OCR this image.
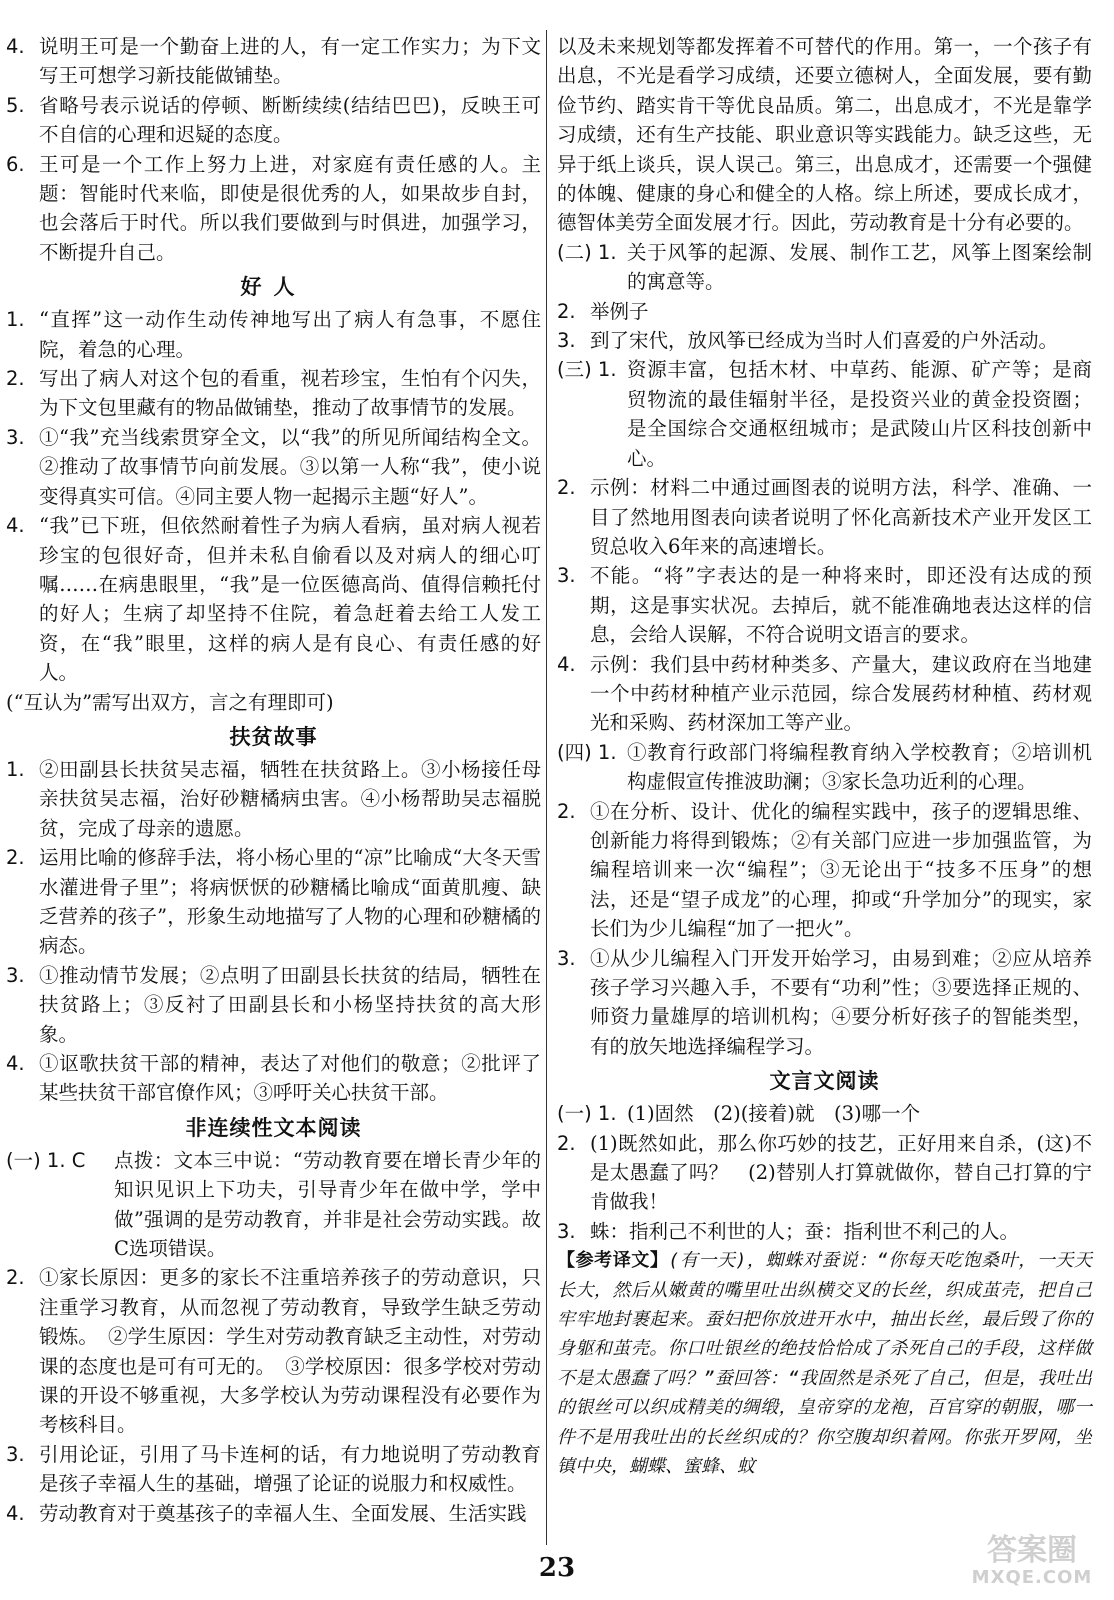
4. 说明王可是一个勤奋上进的人，有一定工作实力；为下文写王可想学习新技能做铺垫。
5. 省略号表示说话的停顿、断断续续(结结巴巴)，反映王可不自信的心理和迟疑的态度。
6. 王可是一个工作上努力上进，对家庭有责任感的人。主题：智能时代来临，即使是很优秀的人，如果故步自封，也会落后于时代。所以我们要做到与时俱进，加强学习，不断提升自己。
好人
1. “直挥”这一动作生动传神地写出了病人有急事，不愿住院，着急的心理。
2. 写出了病人对这个包的看重，视若珍宝，生怕有个闪失，为下文包里藏有的物品做铺垫，推动了故事情节的发展。
3. ①“我”充当线索贯穿全文，以“我”的所见所闻结构全文。②推动了故事情节向前发展。③以第一人称“我”，使小说变得真实可信。④同主要人物一起揭示主题“好人”。
4. “我”已下班，但依然耐着性子为病人看病，虽对病人视若珍宝的包很好奇，但并未私自偷看以及对病人的细心叮嘱……在病患眼里，“我”是一位医德高尚、值得信赖托付的好人；生病了却坚持不住院，着急赶着去给工人发工资，在“我”眼里，这样的病人是有良心、有责任感的好人。
(“互认为”需写出双方，言之有理即可)
扶贫故事
1. ②田副县长扶贫吴志福，牺牲在扶贫路上。③小杨接任母亲扶贫吴志福，治好砂糖橘病虫害。④小杨帮助吴志福脱贫，完成了母亲的遗愿。
2. 运用比喻的修辞手法，将小杨心里的“凉”比喻成“大冬天雪水灌进骨子里”；将病恹恹的砂糖橘比喻成“面黄肌瘦、缺乏营养的孩子”，形象生动地描写了人物的心理和砂糖橘的病态。
3. ①推动情节发展；②点明了田副县长扶贫的结局，牺牲在扶贫路上；③反衬了田副县长和小杨坚持扶贫的高大形象。
4. ①讴歌扶贫干部的精神，表达了对他们的敬意；②批评了某些扶贫干部官僚作风；③呼吁关心扶贫干部。
非连续性文本阅读
(一) 1. C	点拨：文本三中说：“劳动教育要在增长青少年的知识见识上下功夫，引导青少年在做中学，学中做”强调的是劳动教育，并非是社会劳动实践。故C选项错误。
2. ①家长原因：更多的家长不注重培养孩子的劳动意识，只注重学习教育，从而忽视了劳动教育，导致学生缺乏劳动锻炼。　②学生原因：学生对劳动教育缺乏主动性，对劳动课的态度也是可有可无的。　③学校原因：很多学校对劳动课的开设不够重视，大多学校认为劳动课程没有必要作为考核科目。
3. 引用论证，引用了马卡连柯的话，有力地说明了劳动教育是孩子幸福人生的基础，增强了论证的说服力和权威性。
4. 劳动教育对于奠基孩子的幸福人生、全面发展、生活实践
以及未来规划等都发挥着不可替代的作用。第一，一个孩子有出息，不光是看学习成绩，还要立德树人，全面发展，要有勤俭节约、踏实肯干等优良品质。第二，出息成才，不光是靠学习成绩，还有生产技能、职业意识等实践能力。缺乏这些，无异于纸上谈兵，误人误己。第三，出息成才，还需要一个强健的体魄、健康的身心和健全的人格。综上所述，要成长成才，德智体美劳全面发展才行。因此，劳动教育是十分有必要的。
(二) 1. 关于风筝的起源、发展、制作工艺，风筝上图案绘制的寓意等。
2. 举例子
3. 到了宋代，放风筝已经成为当时人们喜爱的户外活动。
(三) 1. 资源丰富，包括木材、中草药、能源、矿产等；是商贸物流的最佳辐射半径，是投资兴业的黄金投资圈；是全国综合交通枢纽城市；是武陵山片区科技创新中心。
2. 示例：材料二中通过画图表的说明方法，科学、准确、一目了然地用图表向读者说明了怀化高新技术产业开发区工贸总收入6年来的高速增长。
3. 不能。“将”字表达的是一种将来时，即还没有达成的预期，这是事实状况。去掉后，就不能准确地表达这样的信息，会给人误解，不符合说明文语言的要求。
4. 示例：我们县中药材种类多、产量大，建议政府在当地建一个中药材种植产业示范园，综合发展药材种植、药材观光和采购、药材深加工等产业。
(四) 1. ①教育行政部门将编程教育纳入学校教育；②培训机构虚假宣传推波助澜；③家长急功近利的心理。
2. ①在分析、设计、优化的编程实践中，孩子的逻辑思维、创新能力将得到锻炼；②有关部门应进一步加强监管，为编程培训来一次“编程”；③无论出于“技多不压身”的想法，还是“望子成龙”的心理，抑或“升学加分”的现实，家长们为少儿编程“加了一把火”。
3. ①从少儿编程入门开发开始学习，由易到难；②应从培养孩子学习兴趣入手，不要有“功利”性；③要选择正规的、师资力量雄厚的培训机构；④要分析好孩子的智能类型，有的放矢地选择编程学习。
文言文阅读
(一) 1. (1)固然　(2)(接着)就　(3)哪一个
2. (1)既然如此，那么你巧妙的技艺，正好用来自杀，(这)不是太愚蠢了吗？　(2)替别人打算就做你，替自己打算的宁肯做我！
3. 蛛：指利己不利世的人；蚕：指利世不利己的人。
【参考译文】(有一天)，蜘蛛对蚕说：“你每天吃饱桑叶，一天天长大，然后从嫩黄的嘴里吐出纵横交叉的长丝，织成茧壳，把自己牢牢地封裹起来。蚕妇把你放进开水中，抽出长丝，最后毁了你的身躯和茧壳。你口吐银丝的绝技恰恰成了杀死自己的手段，这样做不是太愚蠢了吗？”蚕回答：“我固然是杀死了自己，但是，我吐出的银丝可以织成精美的绸缎，皇帝穿的龙袍，百官穿的朝服，哪一件不是用我吐出的长丝织成的？你空腹却织着网。你张开罗网，坐镇中央，蝴蝶、蜜蜂、蚊
23	答案圈
MXQE.COM
